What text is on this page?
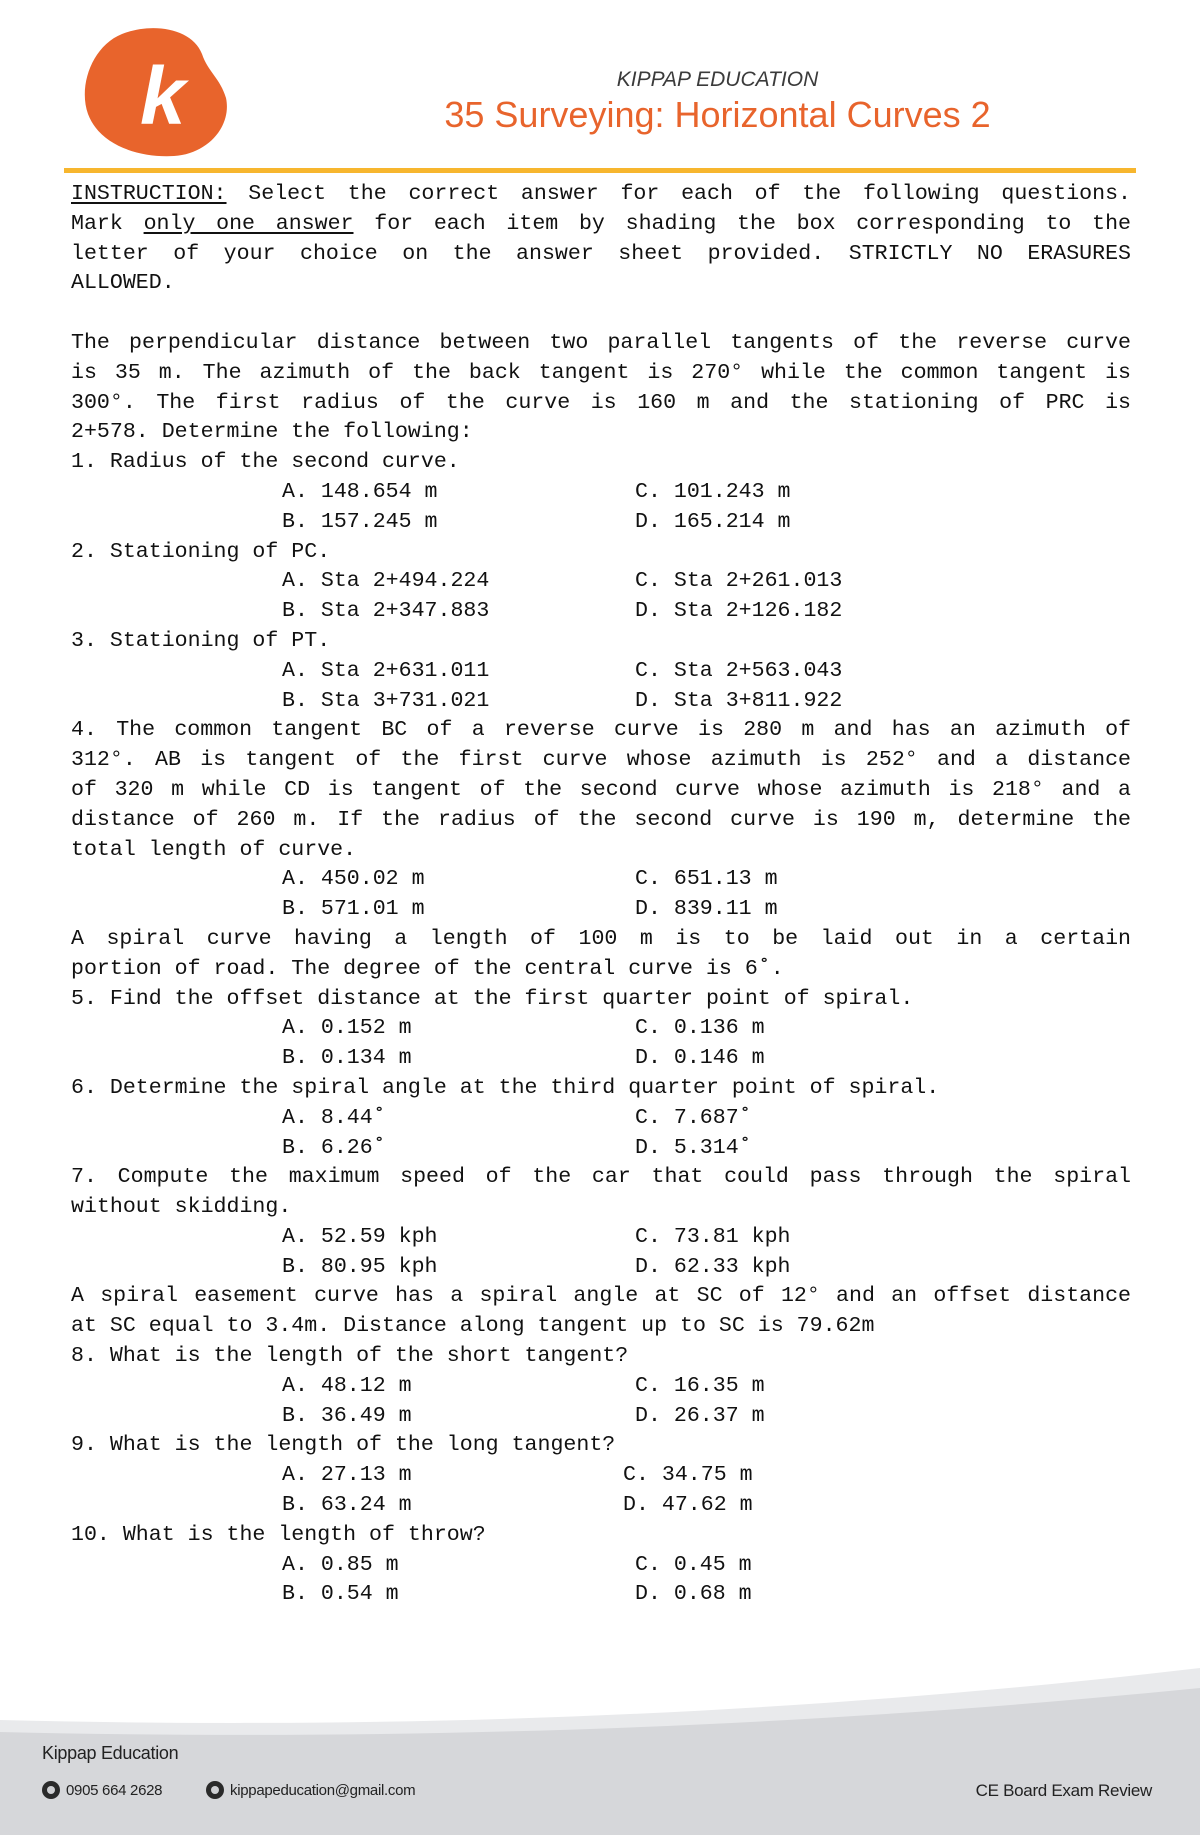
k	KIPPAP EDUCATION
35 Surveying: Horizontal Curves 2
INSTRUCTION: Select the correct answer for each of the following questions.
Mark only one answer for each item by shading the box corresponding to the
letter of your choice on the answer sheet provided. STRICTLY NO ERASURES
ALLOWED.
The perpendicular distance between two parallel tangents of the reverse curve
is 35 m. The azimuth of the back tangent is 270° while the common tangent is
300°. The first radius of the curve is 160 m and the stationing of PRC is
2+578. Determine the following:
1. Radius of the second curve.
A. 148.654 m	C. 101.243 m
B. 157.245 m	D. 165.214 m
2. Stationing of PC.
A. Sta 2+494.224	C. Sta 2+261.013
B. Sta 2+347.883	D. Sta 2+126.182
3. Stationing of PT.
A. Sta 2+631.011	C. Sta 2+563.043
B. Sta 3+731.021	D. Sta 3+811.922
4. The common tangent BC of a reverse curve is 280 m and has an azimuth of
312°. AB is tangent of the first curve whose azimuth is 252° and a distance
of 320 m while CD is tangent of the second curve whose azimuth is 218° and a
distance of 260 m. If the radius of the second curve is 190 m, determine the
total length of curve.
A. 450.02 m	C. 651.13 m
B. 571.01 m	D. 839.11 m
A spiral curve having a length of 100 m is to be laid out in a certain
portion of road. The degree of the central curve is 6˚.
5. Find the offset distance at the first quarter point of spiral.
A. 0.152 m	C. 0.136 m
B. 0.134 m	D. 0.146 m
6. Determine the spiral angle at the third quarter point of spiral.
A. 8.44˚	C. 7.687˚
B. 6.26˚	D. 5.314˚
7. Compute the maximum speed of the car that could pass through the spiral
without skidding.
A. 52.59 kph	C. 73.81 kph
B. 80.95 kph	D. 62.33 kph
A spiral easement curve has a spiral angle at SC of 12° and an offset distance
at SC equal to 3.4m. Distance along tangent up to SC is 79.62m
8. What is the length of the short tangent?
A. 48.12 m	C. 16.35 m
B. 36.49 m	D. 26.37 m
9. What is the length of the long tangent?
A. 27.13 m	C. 34.75 m
B. 63.24 m	D. 47.62 m
10. What is the length of throw?
A. 0.85 m	C. 0.45 m
B. 0.54 m	D. 0.68 m
Kippap Education
0905 664 2628	kippapeducation@gmail.com	CE Board Exam Review
